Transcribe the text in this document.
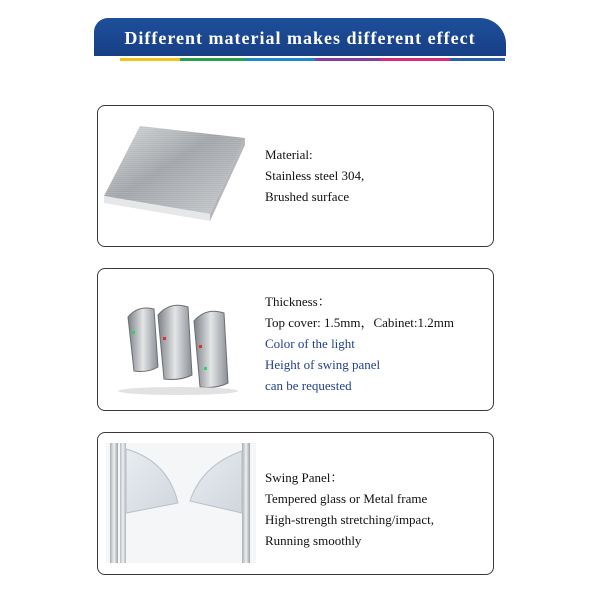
Different material makes different effect
Material:
Stainless steel 304,
Brushed surface
Thickness：
Top cover: 1.5mm，Cabinet:1.2mm
Color of the light
Height of swing panel
can be requested
Swing Panel：
Tempered glass or Metal frame
High-strength stretching/impact,
Running smoothly
